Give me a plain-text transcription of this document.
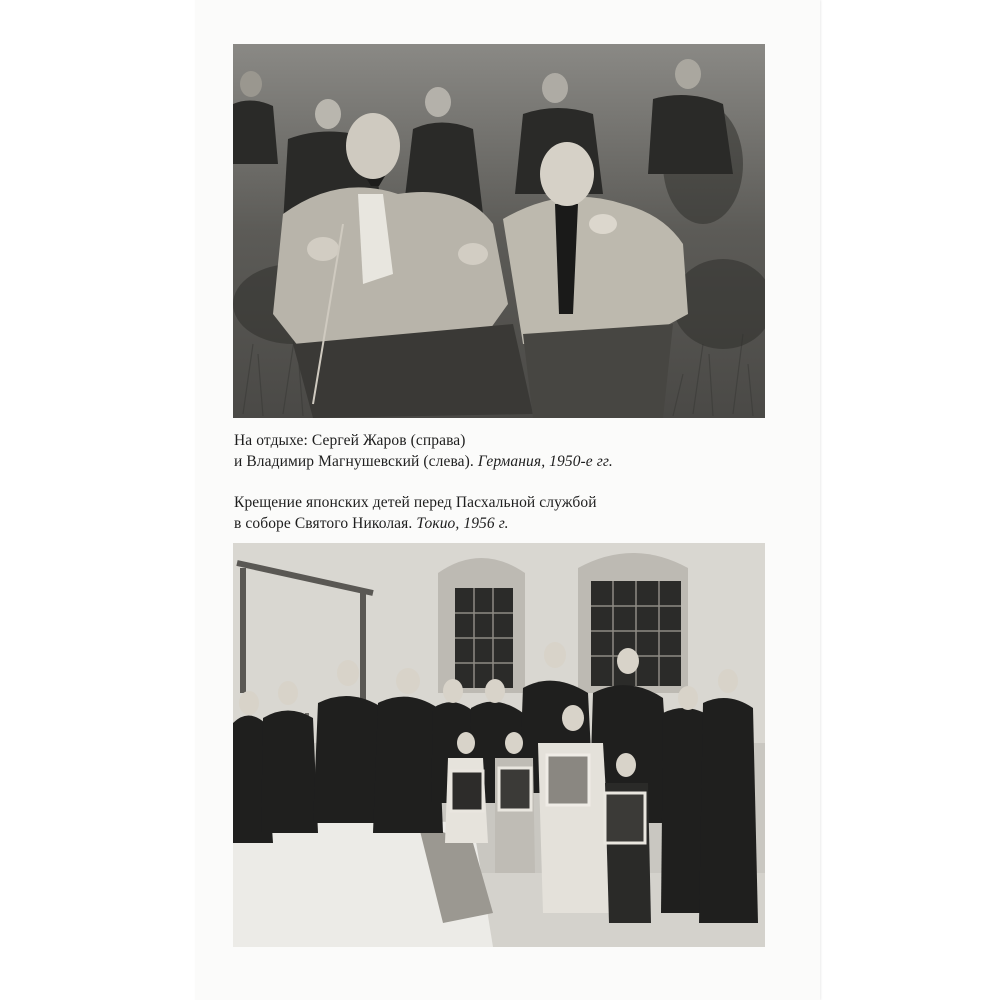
На отдыхе: Сергей Жаров (справа)
и Владимир Магнушевский (слева). Германия, 1950-е гг.
Крещение японских детей перед Пасхальной службой
в соборе Святого Николая. Токио, 1956 г.
